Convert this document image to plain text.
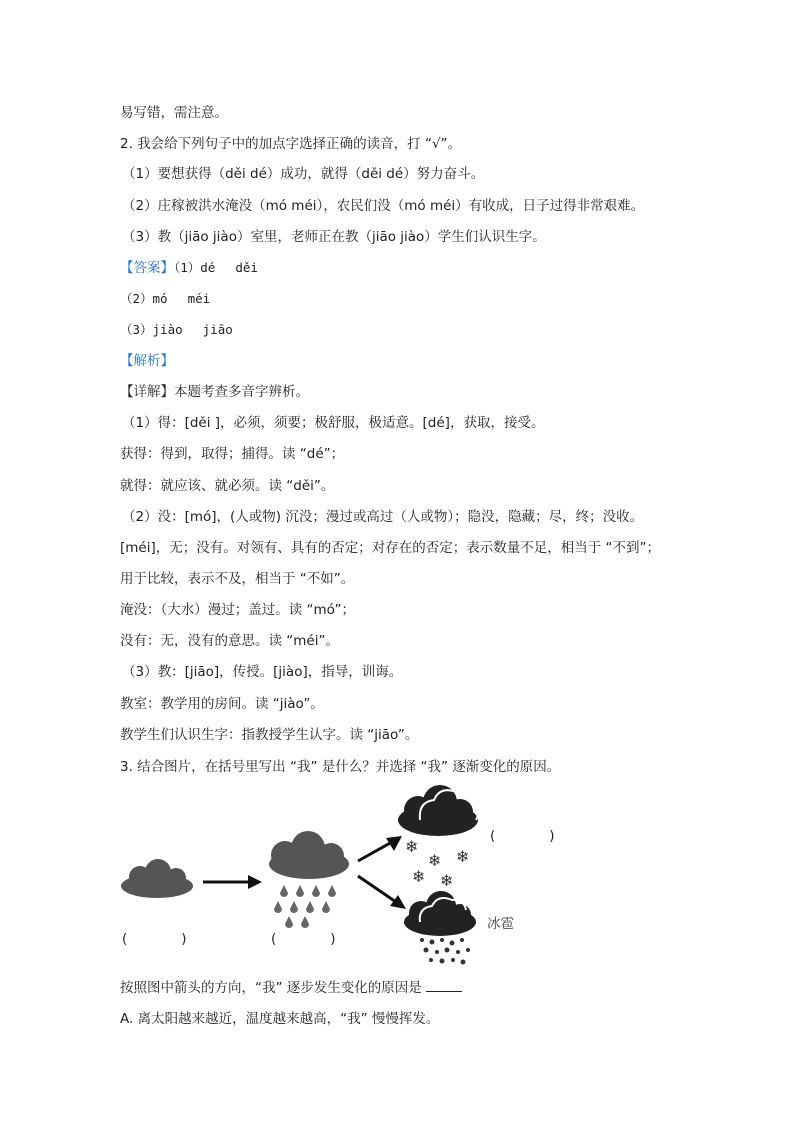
易写错，需注意。
2. 我会给下列句子中的加点字选择正确的读音，打 “√”。
（1）要想获得（děi dé）成功，就得（děi dé）努力奋斗。
（2）庄稼被洪水淹没（mó méi），农民们没（mó méi）有收成，日子过得非常艰难。
（3）教（jiāo jiào）室里，老师正在教（jiāo jiào）学生们认识生字。
【答案】（1）dé　 děi
（2）mó　 méi
（3）jiào　 jiāo
【解析】
【详解】本题考查多音字辨析。
（1）得：[děi ]，必须，须要；极舒服，极适意。[dé]，获取，接受。
获得：得到，取得；捕得。读 “dé”；
就得：就应该、就必须。读 “děi”。
（2）没：[mó]，(人或物) 沉没；漫过或高过（人或物）；隐没，隐藏；尽，终；没收。
[méi]，无；没有。对领有、具有的否定；对存在的否定；表示数量不足，相当于 “不到”；
用于比较，表示不及，相当于 “不如”。
淹没：（大水）漫过；盖过。读 “mó”；
没有：无，没有的意思。读 “méi”。
（3）教：[jiāo]，传授。[jiào]，指导，训诲。
教室：教学用的房间。读 “jiào”。
教学生们认识生字：指教授学生认字。读 “jiāo”。
3. 结合图片，在括号里写出 “我” 是什么？并选择 “我” 逐渐变化的原因。
❄
❄ ❄
❄ ❄
(　　　　)
冰雹
(　　　　)	(　　　　)
按照图中箭头的方向，“我” 逐步发生变化的原因是
A. 离太阳越来越近，温度越来越高，“我” 慢慢挥发。
